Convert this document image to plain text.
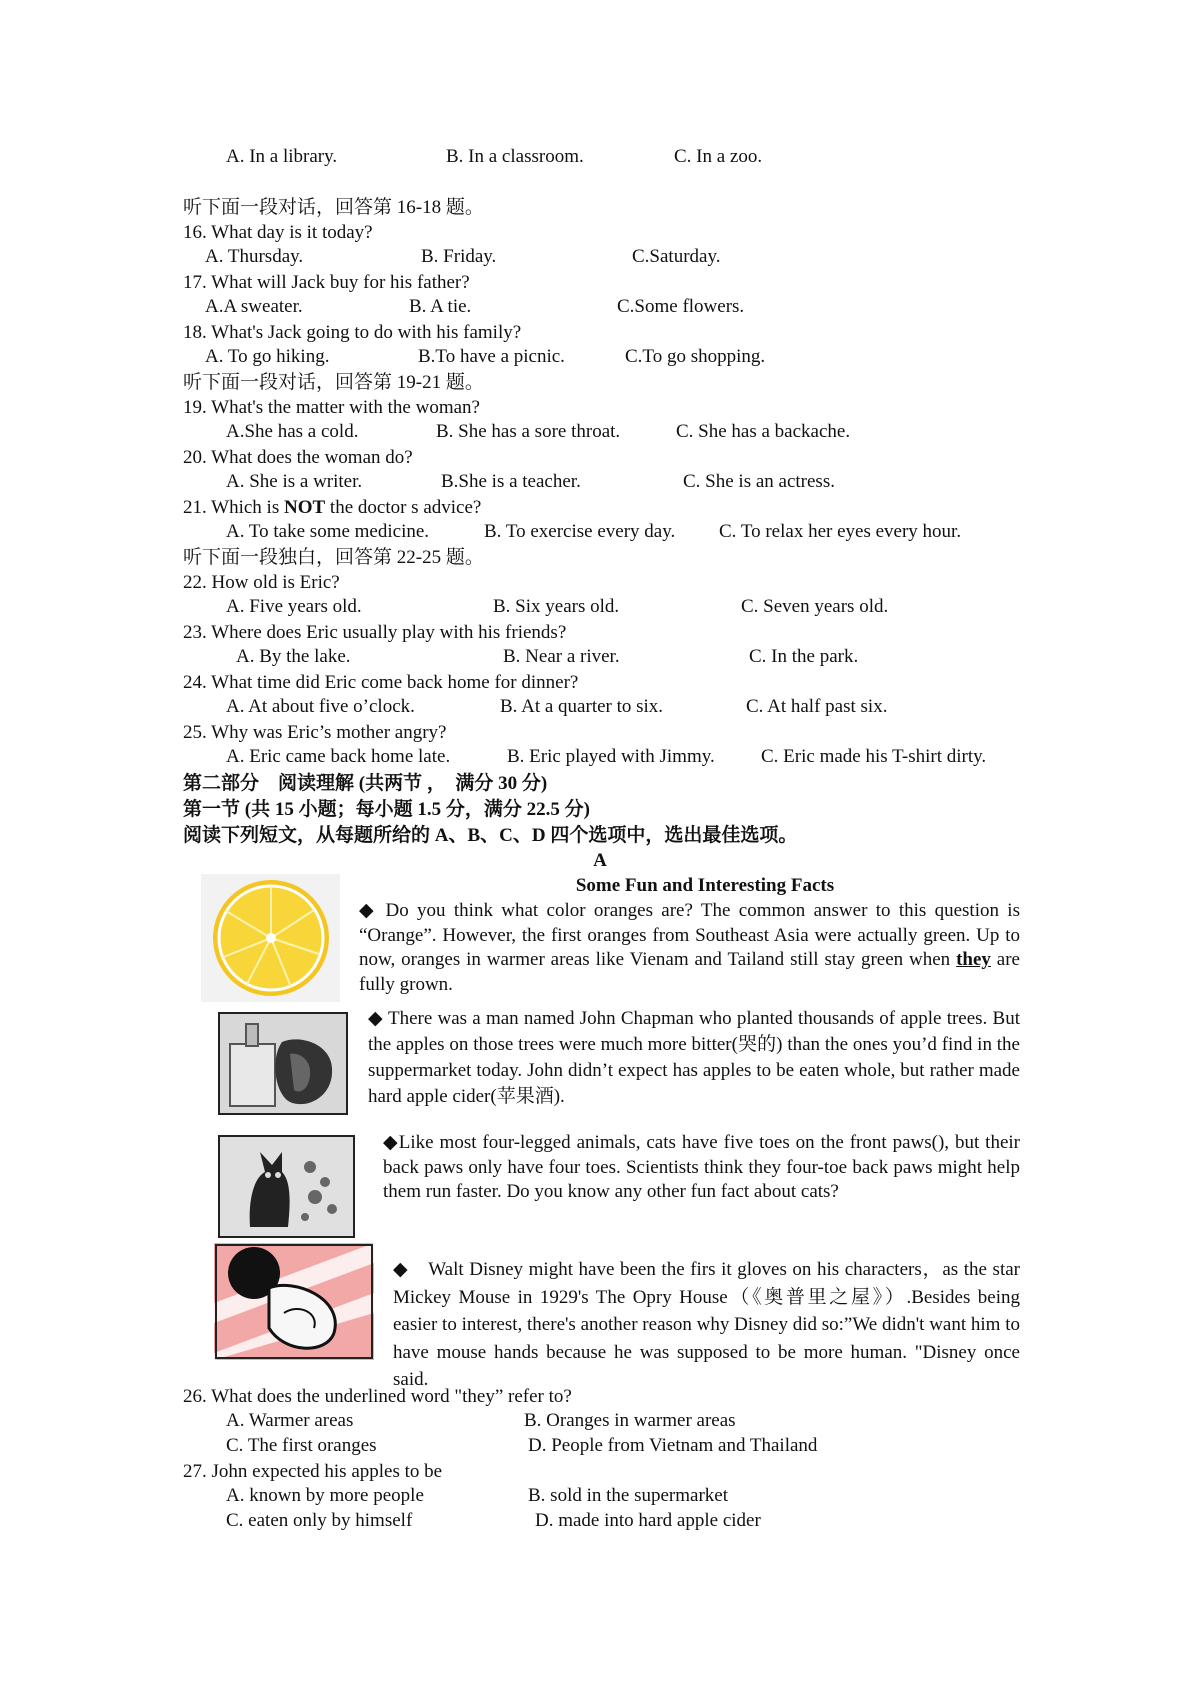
A. In a library.	B. In a classroom.	C. In a zoo.
听下面一段对话，回答第 16-18 题。
16. What day is it today?
A. Thursday.	B. Friday.	C.Saturday.
17. What will Jack buy for his father?
A.A sweater.	B. A tie.	C.Some flowers.
18. What's Jack going to do with his family?
A. To go hiking.	B.To have a picnic.	C.To go shopping.
听下面一段对话，回答第 19-21 题。
19. What's the matter with the woman?
A.She has a cold.	B. She has a sore throat.	C. She has a backache.
20. What does the woman do?
A. She is a writer.	B.She is a teacher.	C. She is an actress.
21. Which is NOT the doctor s advice?
A. To take some medicine.	B. To exercise every day. C. To relax her eyes every hour.
听下面一段独白，回答第 22-25 题。
22. How old is Eric?
A. Five years old.	B. Six years old.	C. Seven years old.
23. Where does Eric usually play with his friends?
A. By the lake.	B. Near a river.	C. In the park.
24. What time did Eric come back home for dinner?
A. At about five o’clock.	B. At a quarter to six.	C. At half past six.
25. Why was Eric’s mother angry?
A. Eric came back home late.	B. Eric played with Jimmy. C. Eric made his T-shirt dirty.
第二部分　阅读理解 (共两节 ，　满分 30 分)
第一节 (共 15 小题；每小题 1.5 分，满分 22.5 分)
阅读下列短文，从每题所给的 A、B、C、D 四个选项中，选出最佳选项。
A
Some Fun and Interesting Facts
◆ Do you think what color oranges are? The common answer to this question is “Orange”. However, the first oranges from Southeast Asia were actually green. Up to now, oranges in warmer areas like Vienam and Tailand still stay green when they are fully grown.
◆ There was a man named John Chapman who planted thousands of apple trees. But the apples on those trees were much more bitter(哭的) than the ones you’d find in the suppermarket today. John didn’t expect has apples to be eaten whole, but rather made hard apple cider(苹果酒).
◆Like most four-legged animals, cats have five toes on the front paws(), but their back paws only have four toes. Scientists think they four-toe back paws might help them run faster. Do you know any other fun fact about cats?
◆　Walt Disney might have been the firs it gloves on his characters，as the star Mickey Mouse in 1929's The Opry House（《奥普里之屋》）.Besides being easier to interest, there's another reason why Disney did so:”We didn't want him to have mouse hands because he was supposed to be more human. "Disney once said.
26. What does the underlined word "they” refer to?
A. Warmer areas	B. Oranges in warmer areas
C. The first oranges	D. People from Vietnam and Thailand
27. John expected his apples to be
A. known by more people	B. sold in the supermarket
C. eaten only by himself	D. made into hard apple cider
